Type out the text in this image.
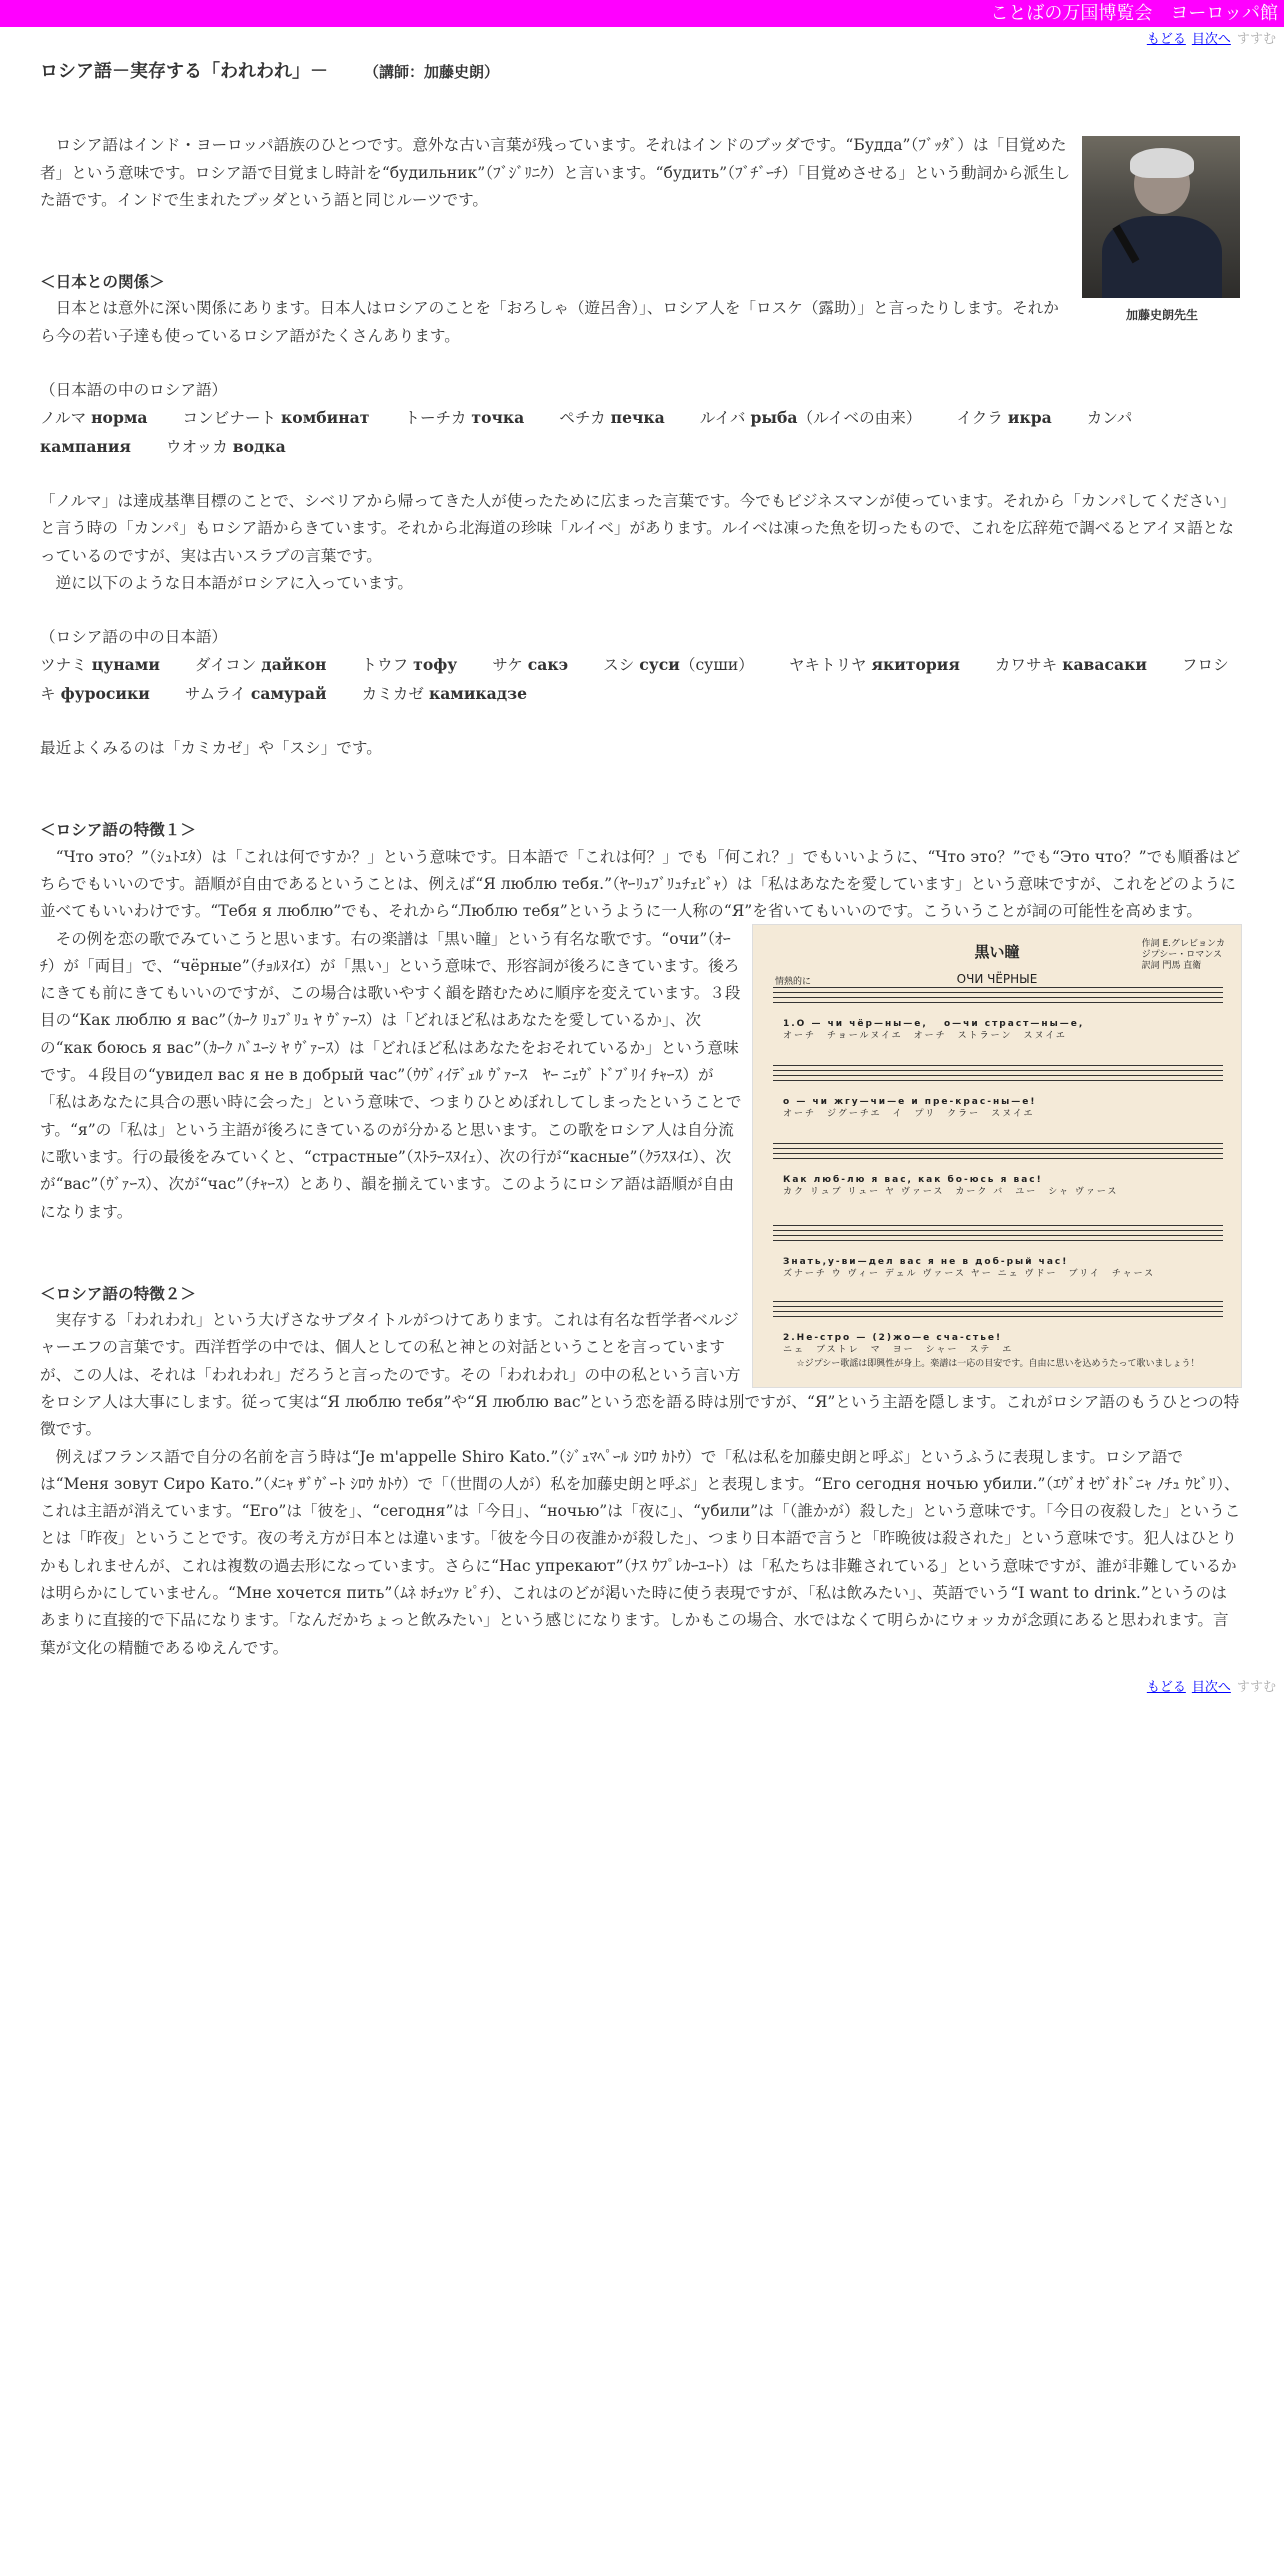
ことばの万国博覧会　ヨーロッパ館
もどる 目次へ すすむ
ロシア語－実存する「われわれ」－ （講師：加藤史朗）
加藤史朗先生

　ロシア語はインド・ヨーロッパ語族のひとつです。意外な古い言葉が残っています。それはインドのブッダです。“Будда”（ﾌﾞｯﾀﾞ）は「目覚めた者」という意味です。ロシア語で目覚まし時計を“будильник”（ﾌﾞｼﾞﾘﾆｸ）と言います。“будить”（ﾌﾞﾁﾞｰﾁ）「目覚めさせる」という動詞から派生した語です。インドで生まれたブッダという語と同じルーツです。

＜日本との関係＞

　日本とは意外に深い関係にあります。日本人はロシアのことを「おろしゃ（遊呂舎）」、ロシア人を「ロスケ（露助）」と言ったりします。それから今の若い子達も使っているロシア語がたくさんあります。

（日本語の中のロシア語）

ノルマ норма コンビナート комбинат トーチカ точка ペチカ печка ルイバ рыба（ルイベの由来） イクラ икра カンパ кампания ウオッカ водка

「ノルマ」は達成基準目標のことで、シベリアから帰ってきた人が使ったために広まった言葉です。今でもビジネスマンが使っています。それから「カンパしてください」と言う時の「カンパ」もロシア語からきています。それから北海道の珍味「ルイベ」があります。ルイベは凍った魚を切ったもので、これを広辞苑で調べるとアイヌ語となっているのですが、実は古いスラブの言葉です。

　逆に以下のような日本語がロシアに入っています。

（ロシア語の中の日本語）

ツナミ цунами ダイコン дайкон トウフ тофу サケ сакэ スシ суси（суши） ヤキトリヤ якитория カワサキ кавасаки フロシキ фуросики サムライ самурай カミカゼ камикадзе

最近よくみるのは「カミカゼ」や「スシ」です。

＜ロシア語の特徴１＞

　“Что это？”（ｼｭﾄｴﾀ）は「これは何ですか？」という意味です。日本語で「これは何？」でも「何これ？」でもいいように、“Что это？”でも“Это что？”でも順番はどちらでもいいのです。語順が自由であるということは、例えば“Я люблю тебя.”（ﾔｰﾘｭﾌﾞﾘｭﾁｪﾋﾞｬ）は「私はあなたを愛しています」という意味ですが、これをどのように並べてもいいわけです。“Тебя я люблю”でも、それから“Люблю тебя”というように一人称の“Я”を省いてもいいのです。こういうことが詞の可能性を高めます。

黒い瞳
ОЧИ ЧЁРНЫЕ
作詞 E.グレビョンカ
ジプシー・ロマンス
訳詞 門馬 直衛
情熱的に
1.О — чи чёр—ны—е,　 о—чи страст—ны—е,
オーチ　チョールヌイエ　オーチ　ストラーン　スヌイエ
о — чи жгу—чи—е и пре-крас-ны—е!
オーチ　ジグーチエ　イ　プリ　クラー　スヌイエ
Как люб-лю я вас, как бо-юсь я вас!
カク リュブ リュー ヤ ヴァース　カーク バ　ユー　シャ ヴァース
Знать,у-ви—дел вас я не в доб-рый час!
ズナーチ ウ ヴィー デェル ヴァース ヤー ニェ ヴドー　ブリイ　チャース
2.Не-стро — (2)жо—е сча-стье!
ニェ　ブストレ　マ　ヨー　シャー　ステ　エ
☆ジプシー歌謡は即興性が身上。楽譜は一応の目安です。自由に思いを込めうたって歌いましょう！

　その例を恋の歌でみていこうと思います。右の楽譜は「黒い瞳」という有名な歌です。“очи”（ｵｰﾁ）が「両目」で、“чёрные”（ﾁｮﾙﾇｲｴ）が「黒い」という意味で、形容詞が後ろにきています。後ろにきても前にきてもいいのですが、この場合は歌いやすく韻を踏むために順序を変えています。３段目の“Как люблю я вас”（ｶｰｸ ﾘｭﾌﾞﾘｭ ﾔ ｳﾞｧｰｽ）は「どれほど私はあなたを愛しているか」、次の“как боюсь я вас”（ｶｰｸ ﾊﾞﾕｰｼ ﾔ ｳﾞｧｰｽ）は「どれほど私はあなたをおそれているか」という意味です。４段目の“увидел вас я не в добрый час”（ｳｳﾞｨｲﾃﾞｪﾙ ｳﾞｧｰｽ　ﾔｰ ﾆｪｳﾞ ﾄﾞﾌﾞﾘｲ ﾁｬｰｽ）が「私はあなたに具合の悪い時に会った」という意味で、つまりひとめぼれしてしまったということです。“я”の「私は」という主語が後ろにきているのが分かると思います。この歌をロシア人は自分流に歌います。行の最後をみていくと、“страстные”（ｽﾄﾗｰｽﾇｲｪ）、次の行が“касные”（ｸﾗｽﾇｲｴ）、次が“вас”（ｳﾞｧｰｽ）、次が“час”（ﾁｬｰｽ）とあり、韻を揃えています。このようにロシア語は語順が自由になります。

＜ロシア語の特徴２＞

　実存する「われわれ」という大げさなサブタイトルがつけてあります。これは有名な哲学者ベルジャーエフの言葉です。西洋哲学の中では、個人としての私と神との対話ということを言っていますが、この人は、それは「われわれ」だろうと言ったのです。その「われわれ」の中の私という言い方をロシア人は大事にします。従って実は“Я люблю тебя”や“Я люблю вас”という恋を語る時は別ですが、“Я”という主語を隠します。これがロシア語のもうひとつの特徴です。

　例えばフランス語で自分の名前を言う時は“Je m'appelle Shiro Kato.”（ｼﾞｭﾏﾍﾟｰﾙ ｼﾛｳ ｶﾄｳ）で「私は私を加藤史朗と呼ぶ」というふうに表現します。ロシア語では“Меня зовут Сиро Като.”（ﾒﾆｬ ｻﾞｳﾞｰﾄ ｼﾛｳ ｶﾄｳ）で「（世間の人が）私を加藤史朗と呼ぶ」と表現します。“Его сегодня ночью убили.”（ｴｳﾞｵ ｾｳﾞｵﾄﾞﾆｬ ﾉﾁｭ ｳﾋﾞﾘ）、これは主語が消えています。“Его”は「彼を」、“сегодня”は「今日」、“ночью”は「夜に」、“убили”は「（誰かが）殺した」という意味です。「今日の夜殺した」ということは「昨夜」ということです。夜の考え方が日本とは違います。「彼を今日の夜誰かが殺した」、つまり日本語で言うと「昨晩彼は殺された」という意味です。犯人はひとりかもしれませんが、これは複数の過去形になっています。さらに“Нас упрекают”（ﾅｽ ｳﾌﾟﾚｶｰﾕｰﾄ）は「私たちは非難されている」という意味ですが、誰が非難しているかは明らかにしていません。“Мне хочется пить”（ﾑﾈ ﾎﾁｪﾂｧ ﾋﾟﾁ）、これはのどが渇いた時に使う表現ですが、「私は飲みたい」、英語でいう“I want to drink.”というのはあまりに直接的で下品になります。「なんだかちょっと飲みたい」という感じになります。しかもこの場合、水ではなくて明らかにウォッカが念頭にあると思われます。言葉が文化の精髄であるゆえんです。

もどる 目次へ すすむ
